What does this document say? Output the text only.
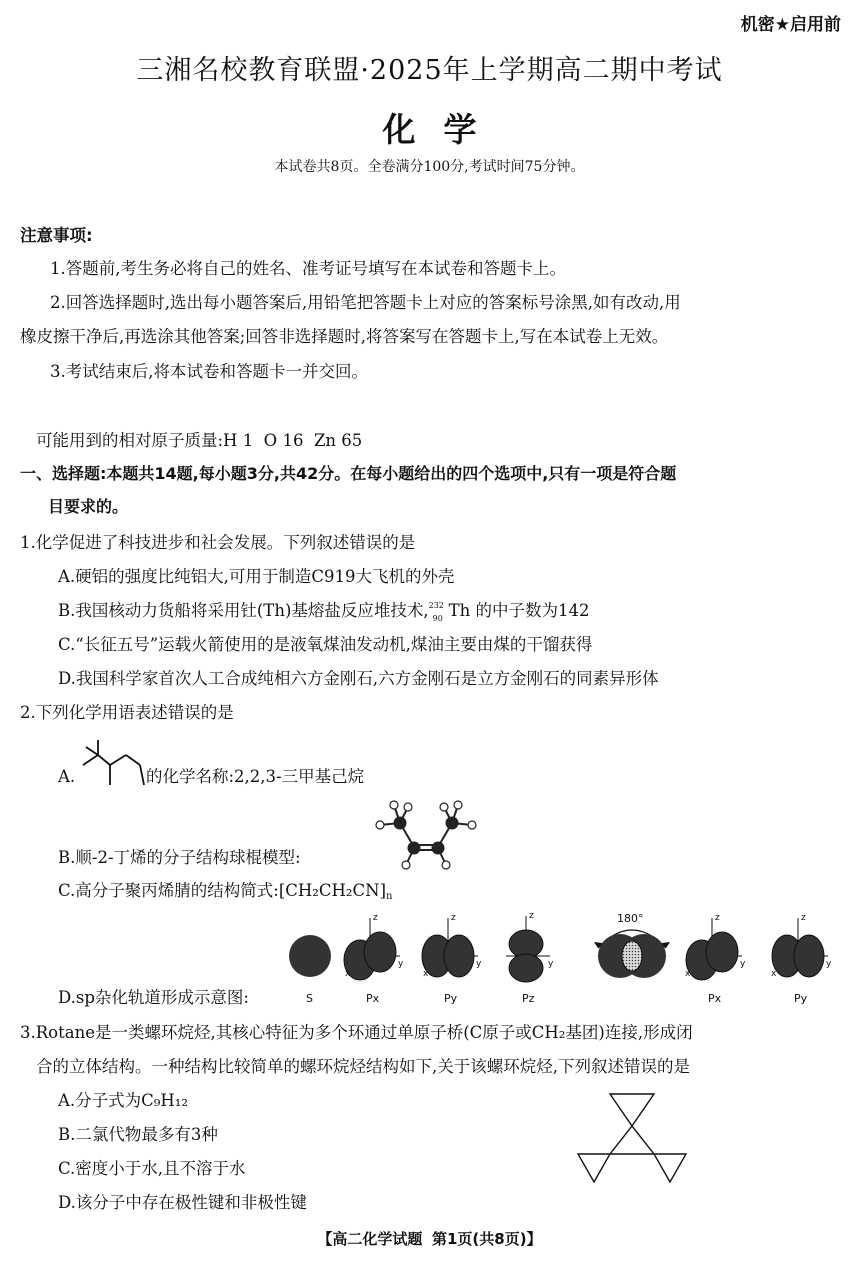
机密★启用前
三湘名校教育联盟·2025年上学期高二期中考试
化学
本试卷共8页。全卷满分100分,考试时间75分钟。
注意事项:
1.答题前,考生务必将自己的姓名、准考证号填写在本试卷和答题卡上。
2.回答选择题时,选出每小题答案后,用铅笔把答题卡上对应的答案标号涂黑,如有改动,用
橡皮擦干净后,再选涂其他答案;回答非选择题时,将答案写在答题卡上,写在本试卷上无效。
3.考试结束后,将本试卷和答题卡一并交回。
可能用到的相对原子质量:H 1  O 16  Zn 65
一、选择题:本题共14题,每小题3分,共42分。在每小题给出的四个选项中,只有一项是符合题
目要求的。
1.化学促进了科技进步和社会发展。下列叙述错误的是
A.硬铝的强度比纯铝大,可用于制造C919大飞机的外壳
B.我国核动力货船将采用钍(Th)基熔盐反应堆技术, 232
90 Th 的中子数为142
C.“长征五号”运载火箭使用的是液氧煤油发动机,煤油主要由煤的干馏获得
D.我国科学家首次人工合成纯相六方金刚石,六方金刚石是立方金刚石的同素异形体
2.下列化学用语表述错误的是
A.	的化学名称:2,2,3-三甲基己烷
B.顺-2-丁烯的分子结构球棍模型:
C.高分子聚丙烯腈的结构简式$:[CH_2CH_2CN]_n$
D.sp杂化轨道形成示意图:
z
x
y
z
x
y
z
y
z
x
y
z
x
y
180°
S	Px	Py	Pz	Px	Py
3.Rotane是一类螺环烷烃,其核心特征为多个环通过单原子桥(C原子或CH₂基团)连接,形成闭
合的立体结构。一种结构比较简单的螺环烷烃结构如下,关于该螺环烷烃,下列叙述错误的是
A.分子式为C₉H₁₂
B.二氯代物最多有3种
C.密度小于水,且不溶于水
D.该分子中存在极性键和非极性键
【高二化学试题 第1页(共8页)】
